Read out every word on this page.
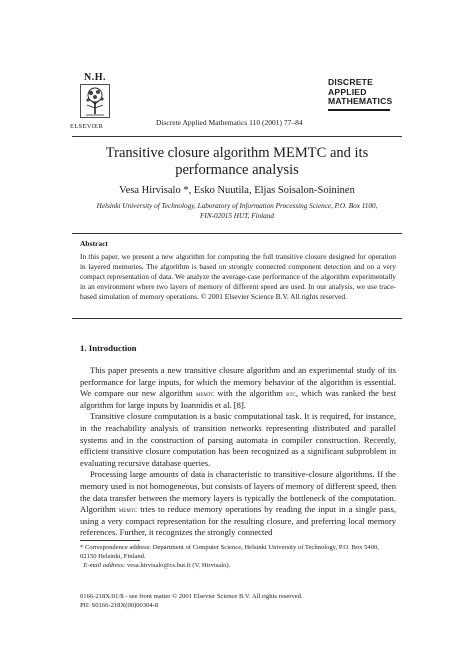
N.H.
ELSEVIER	Discrete Applied Mathematics 110 (2001) 77–84
DISCRETE
APPLIED
MATHEMATICS
Transitive closure algorithm MEMTC and its
performance analysis
Vesa Hirvisalo *, Esko Nuutila, Eljas Soisalon-Soininen
Helsinki University of Technology, Laboratory of Information Processing Science, P.O. Box 1100,
FIN-02015 HUT, Finland
Abstract
In this paper, we present a new algorithm for computing the full transitive closure designed for operation in layered memories. The algorithm is based on strongly connected component detection and on a very compact representation of data. We analyze the average-case performance of the algorithm experimentally in an environment where two layers of memory of different speed are used. In our analysis, we use trace-based simulation of memory operations. © 2001 Elsevier Science B.V. All rights reserved.
1. Introduction

This paper presents a new transitive closure algorithm and an experimental study of its performance for large inputs, for which the memory behavior of the algorithm is essential. We compare our new algorithm memtc with the algorithm btc, which was ranked the best algorithm for large inputs by Ioannidis et al. [8].

Transitive closure computation is a basic computational task. It is required, for instance, in the reachability analysis of transition networks representing distributed and parallel systems and in the construction of parsing automata in compiler construction. Recently, efficient transitive closure computation has been recognized as a significant subproblem in evaluating recursive database queries.

Processing large amounts of data is characteristic to transitive-closure algorithms. If the memory used is not homogeneous, but consists of layers of memory of different speed, then the data transfer between the memory layers is typically the bottleneck of the computation. Algorithm memtc tries to reduce memory operations by reading the input in a single pass, using a very compact representation for the resulting closure, and preferring local memory references. Further, it recognizes the strongly connected

* Correspondence address: Department of Computer Science, Helsinki University of Technology, P.O. Box 5400, 02150 Helsinki, Finland.
E-mail address: vesa.hirvisalo@cs.hut.fi (V. Hirvisalo).
0166-218X/01/$ - see front matter © 2001 Elsevier Science B.V. All rights reserved.
PII: S0166-218X(00)00304-8
